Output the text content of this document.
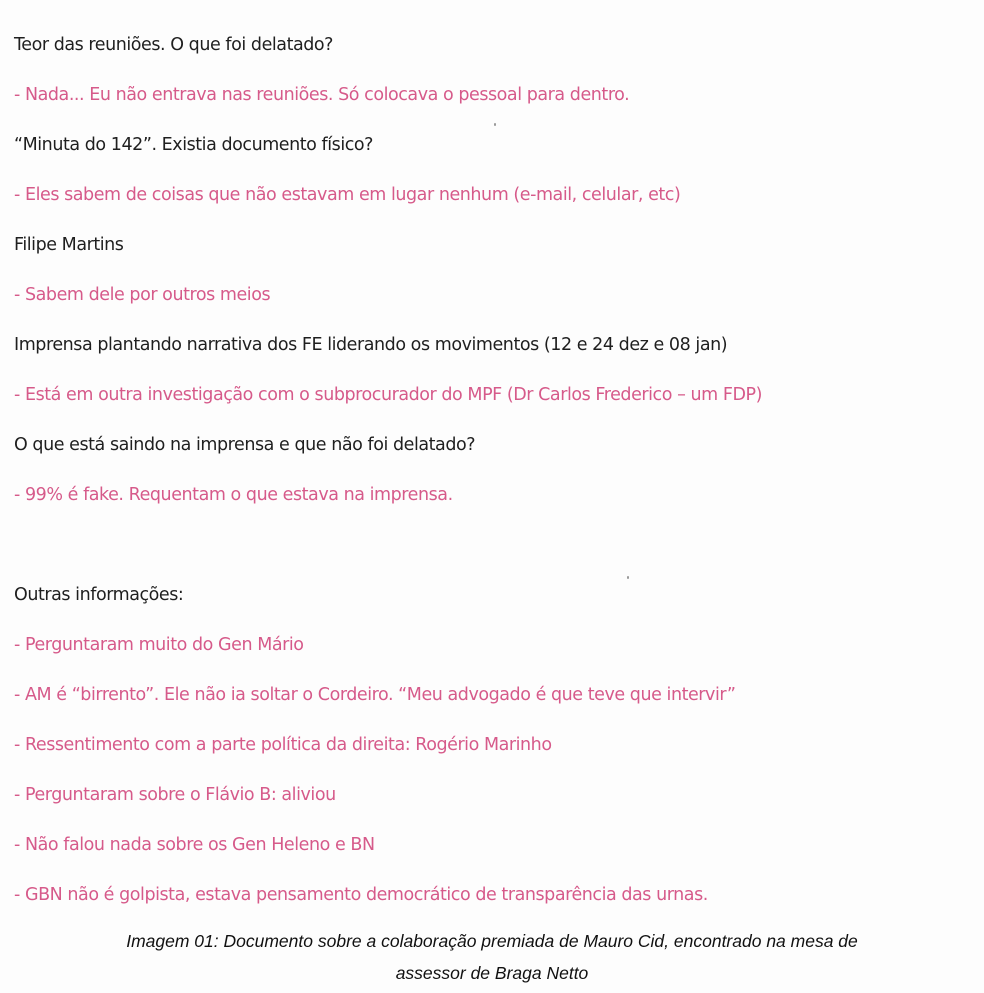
Teor das reuniões. O que foi delatado?
- Nada... Eu não entrava nas reuniões. Só colocava o pessoal para dentro.
“Minuta do 142”. Existia documento físico?
- Eles sabem de coisas que não estavam em lugar nenhum (e-mail, celular, etc)
Filipe Martins
- Sabem dele por outros meios
Imprensa plantando narrativa dos FE liderando os movimentos (12 e 24 dez e 08 jan)
- Está em outra investigação com o subprocurador do MPF (Dr Carlos Frederico – um FDP)
O que está saindo na imprensa e que não foi delatado?
- 99% é fake. Requentam o que estava na imprensa.
Outras informações:
- Perguntaram muito do Gen Mário
- AM é “birrento”. Ele não ia soltar o Cordeiro. “Meu advogado é que teve que intervir”
- Ressentimento com a parte política da direita: Rogério Marinho
- Perguntaram sobre o Flávio B: aliviou
- Não falou nada sobre os Gen Heleno e BN
- GBN não é golpista, estava pensamento democrático de transparência das urnas.
Imagem 01: Documento sobre a colaboração premiada de Mauro Cid, encontrado na mesa de
assessor de Braga Netto
